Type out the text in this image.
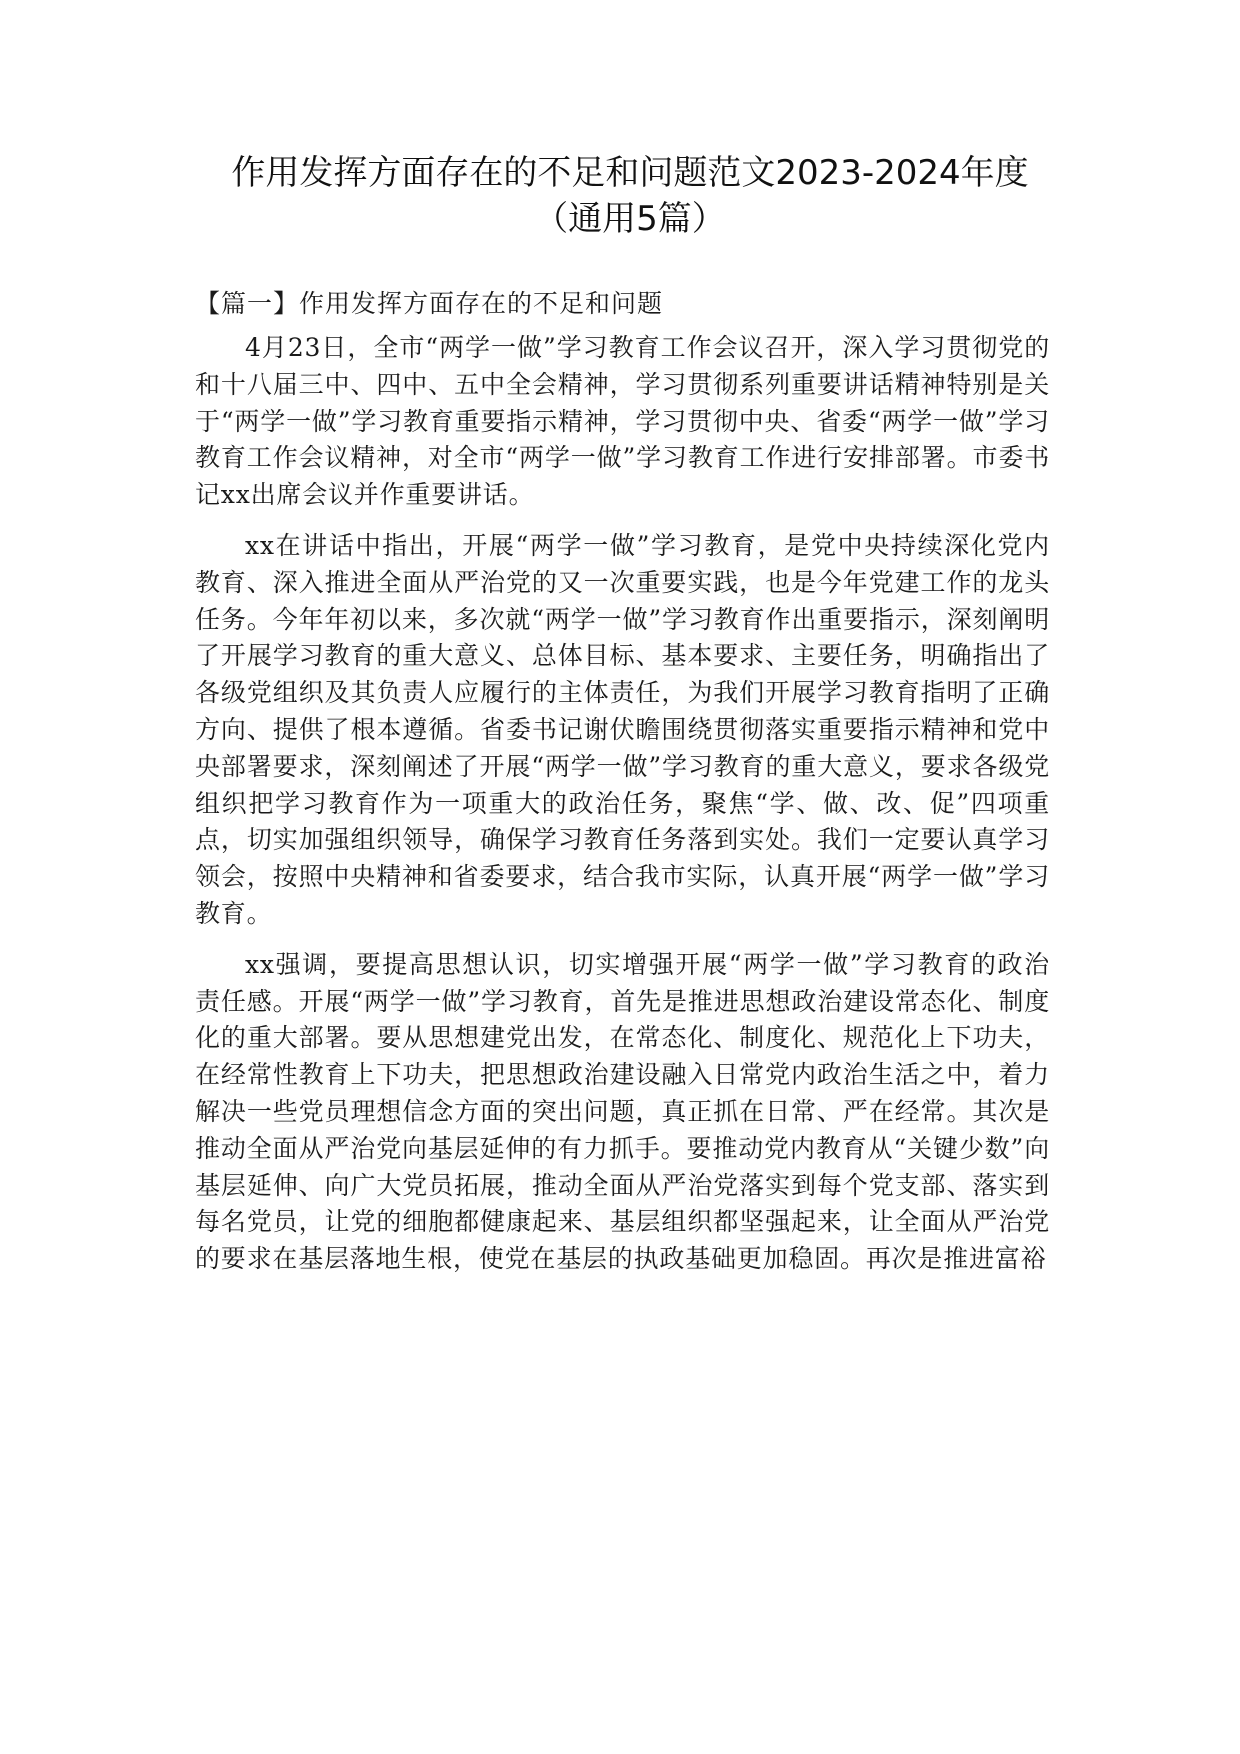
作用发挥方面存在的不足和问题范文2023-2024年度（通用5篇）
【篇一】作用发挥方面存在的不足和问题

4月23日，全市“两学一做”学习教育工作会议召开，深入学习贯彻党的和十八届三中、四中、五中全会精神，学习贯彻系列重要讲话精神特别是关于“两学一做”学习教育重要指示精神，学习贯彻中央、省委“两学一做”学习教育工作会议精神，对全市“两学一做”学习教育工作进行安排部署。市委书记xx出席会议并作重要讲话。

xx在讲话中指出，开展“两学一做”学习教育，是党中央持续深化党内教育、深入推进全面从严治党的又一次重要实践，也是今年党建工作的龙头任务。今年年初以来，多次就“两学一做”学习教育作出重要指示，深刻阐明了开展学习教育的重大意义、总体目标、基本要求、主要任务，明确指出了各级党组织及其负责人应履行的主体责任，为我们开展学习教育指明了正确方向、提供了根本遵循。省委书记谢伏瞻围绕贯彻落实重要指示精神和党中央部署要求，深刻阐述了开展“两学一做”学习教育的重大意义，要求各级党组织把学习教育作为一项重大的政治任务，聚焦“学、做、改、促”四项重点，切实加强组织领导，确保学习教育任务落到实处。我们一定要认真学习领会，按照中央精神和省委要求，结合我市实际，认真开展“两学一做”学习教育。

xx强调，要提高思想认识，切实增强开展“两学一做”学习教育的政治责任感。开展“两学一做”学习教育，首先是推进思想政治建设常态化、制度化的重大部署。要从思想建党出发，在常态化、制度化、规范化上下功夫，在经常性教育上下功夫，把思想政治建设融入日常党内政治生活之中，着力解决一些党员理想信念方面的突出问题，真正抓在日常、严在经常。其次是推动全面从严治党向基层延伸的有力抓手。要推动党内教育从“关键少数”向基层延伸、向广大党员拓展，推动全面从严治党落实到每个党支部、落实到每名党员，让党的细胞都健康起来、基层组织都坚强起来，让全面从严治党的要求在基层落地生根，使党在基层的执政基础更加稳固。再次是推进富裕
